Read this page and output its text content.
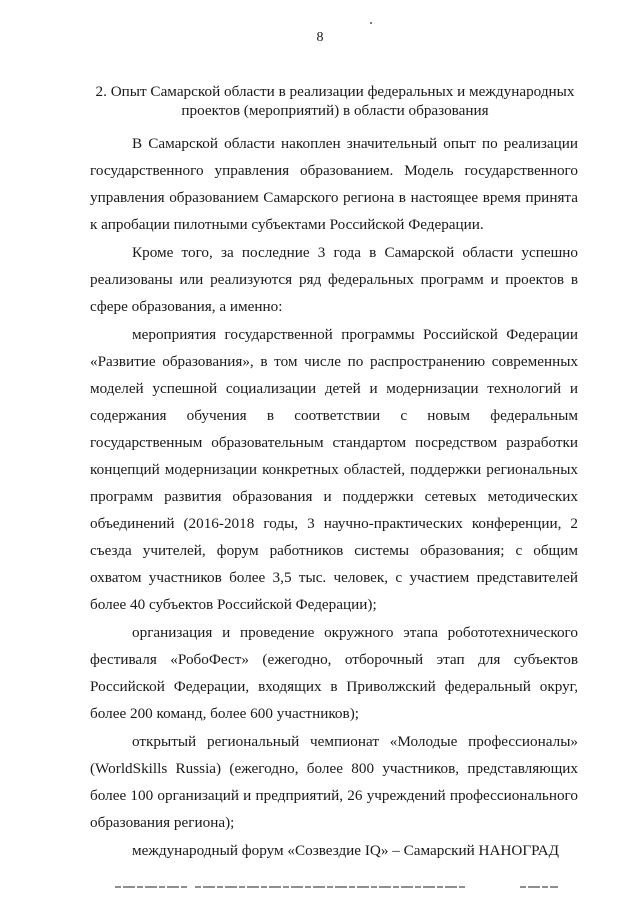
8
2. Опыт Самарской области в реализации федеральных и международных
проектов (мероприятий) в области образования

В Самарской области накоплен значительный опыт по реализации государственного управления образованием. Модель государственного управления образованием Самарского региона в настоящее время принята к апробации пилотными субъектами Российской Федерации.

Кроме того, за последние 3 года в Самарской области успешно реализованы или реализуются ряд федеральных программ и проектов в сфере образования, а именно:

мероприятия государственной программы Российской Федерации «Развитие образования», в том числе по распространению современных моделей успешной социализации детей и модернизации технологий и содержания обучения в соответствии с новым федеральным государственным образовательным стандартом посредством разработки концепций модернизации конкретных областей, поддержки региональных программ развития образования и поддержки сетевых методических объединений (2016-2018 годы, 3 научно-практических конференции, 2 съезда учителей, форум работников системы образования; с общим охватом участников более 3,5 тыс. человек, с участием представителей более 40 субъектов Российской Федерации);

организация и проведение окружного этапа робототехнического фестиваля «РобоФест» (ежегодно, отборочный этап для субъектов Российской Федерации, входящих в Приволжский федеральный округ, более 200 команд, более 600 участников);

открытый региональный чемпионат «Молодые профессионалы» (WorldSkills Russia) (ежегодно, более 800 участников, представляющих более 100 организаций и предприятий, 26 учреждений профессионального образования региона);

международный форум «Созвездие IQ» – Самарский НАНОГРАД
